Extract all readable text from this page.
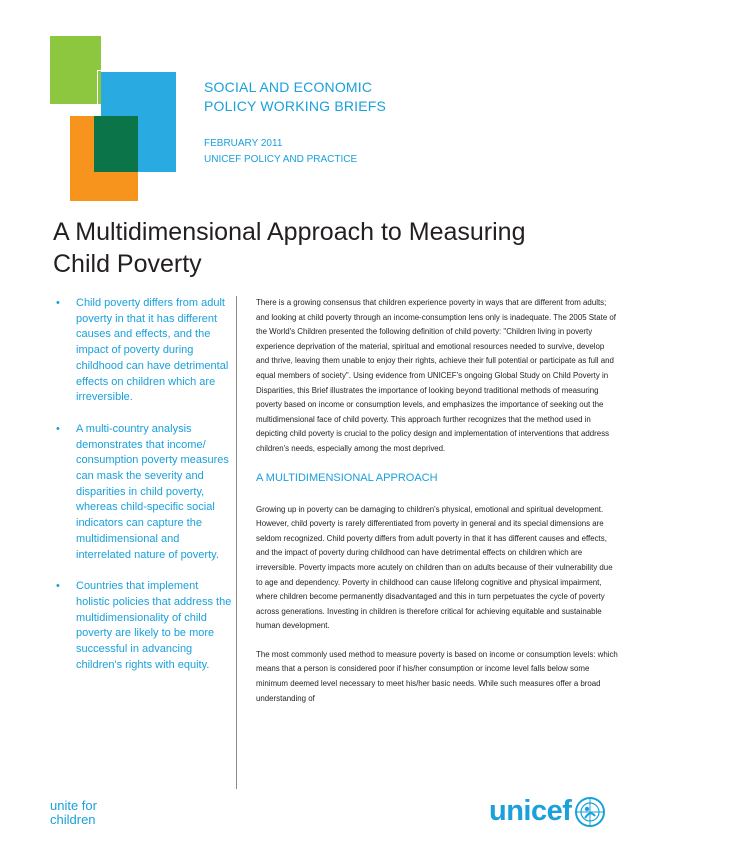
SOCIAL AND ECONOMIC
POLICY WORKING BRIEFS
FEBRUARY 2011
UNICEF POLICY AND PRACTICE
A Multidimensional Approach to Measuring
Child Poverty
• Child poverty differs from adult poverty in that it has different causes and effects, and the impact of poverty during childhood can have detrimental effects on children which are irreversible.
• A multi-country analysis demonstrates that income/ consumption poverty measures can mask the severity and disparities in child poverty, whereas child-specific social indicators can capture the multidimensional and interrelated nature of poverty.
• Countries that implement holistic policies that address the multidimensionality of child poverty are likely to be more successful in advancing children's rights with equity.

There is a growing consensus that children experience poverty in ways that are different from adults; and looking at child poverty through an income-consumption lens only is inadequate. The 2005 State of the World's Children presented the following definition of child poverty: "Children living in poverty experience deprivation of the material, spiritual and emotional resources needed to survive, develop and thrive, leaving them unable to enjoy their rights, achieve their full potential or participate as full and equal members of society". Using evidence from UNICEF's ongoing Global Study on Child Poverty in Disparities, this Brief illustrates the importance of looking beyond traditional methods of measuring poverty based on income or consumption levels, and emphasizes the importance of seeking out the multidimensional face of child poverty. This approach further recognizes that the method used in depicting child poverty is crucial to the policy design and implementation of interventions that address children's needs, especially among the most deprived.

A MULTIDIMENSIONAL APPROACH

Growing up in poverty can be damaging to children's physical, emotional and spiritual development. However, child poverty is rarely differentiated from poverty in general and its special dimensions are seldom recognized. Child poverty differs from adult poverty in that it has different causes and effects, and the impact of poverty during childhood can have detrimental effects on children which are irreversible. Poverty impacts more acutely on children than on adults because of their vulnerability due to age and dependency. Poverty in childhood can cause lifelong cognitive and physical impairment, where children become permanently disadvantaged and this in turn perpetuates the cycle of poverty across generations. Investing in children is therefore critical for achieving equitable and sustainable human development.

The most commonly used method to measure poverty is based on income or consumption levels: which means that a person is considered poor if his/her consumption or income level falls below some minimum deemed level necessary to meet his/her basic needs. While such measures offer a broad understanding of

unite for
children	unicef
